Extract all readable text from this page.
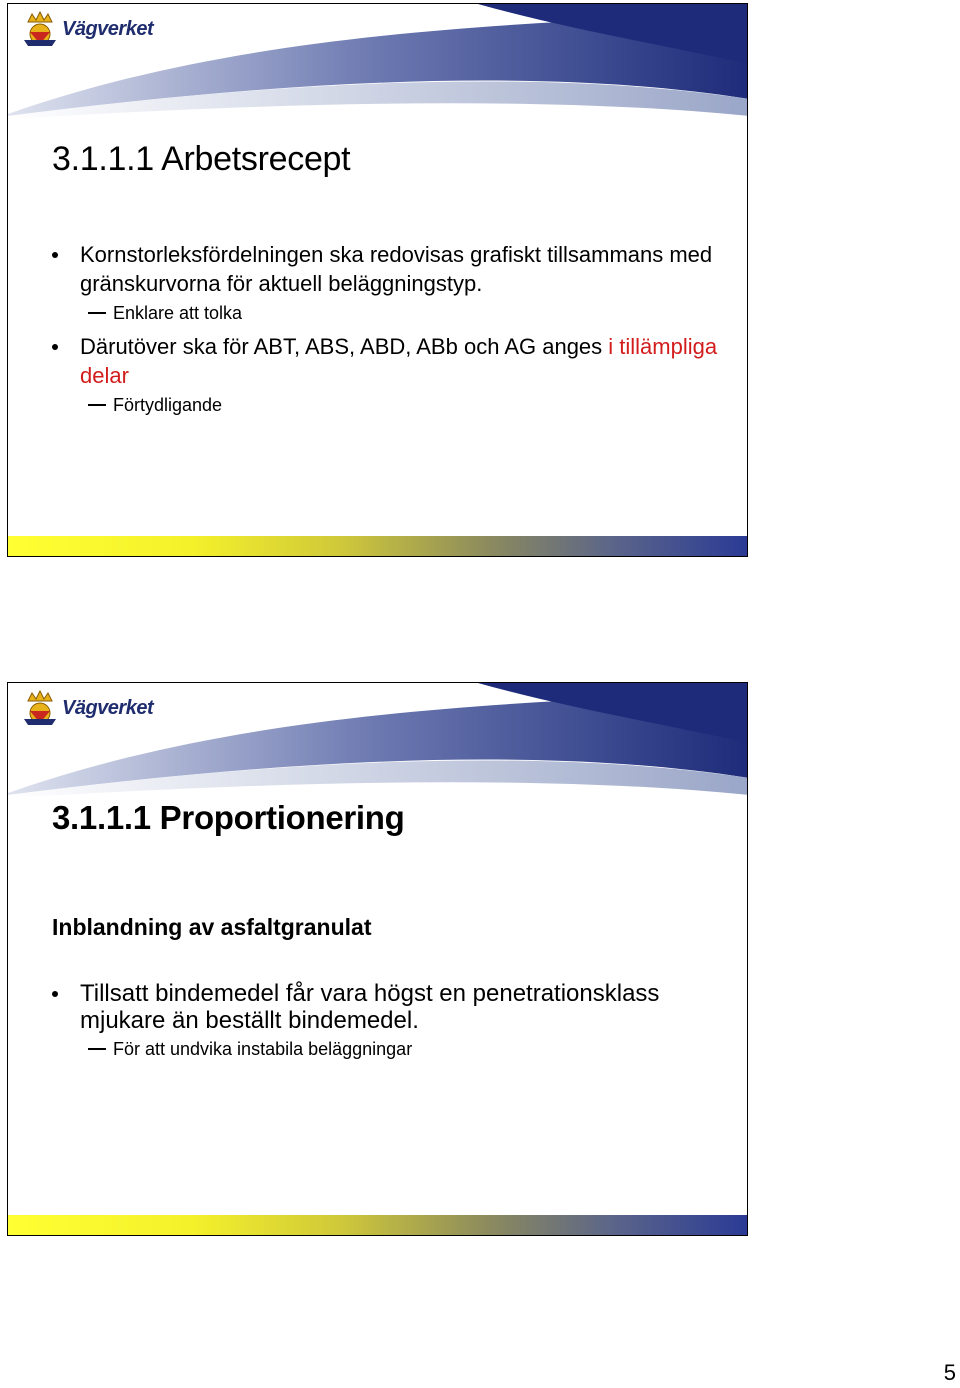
Vägverket
3.1.1.1 Arbetsrecept
Kornstorleksfördelningen ska redovisas grafiskt tillsammans med gränskurvorna för aktuell beläggningstyp.
Enklare att tolka
Därutöver ska för ABT, ABS, ABD, ABb och AG anges i tillämpliga delar
Förtydligande
Vägverket
3.1.1.1 Proportionering
Inblandning av asfaltgranulat
Tillsatt bindemedel får vara högst en penetrationsklass mjukare än beställt bindemedel.
För att undvika instabila beläggningar
5
